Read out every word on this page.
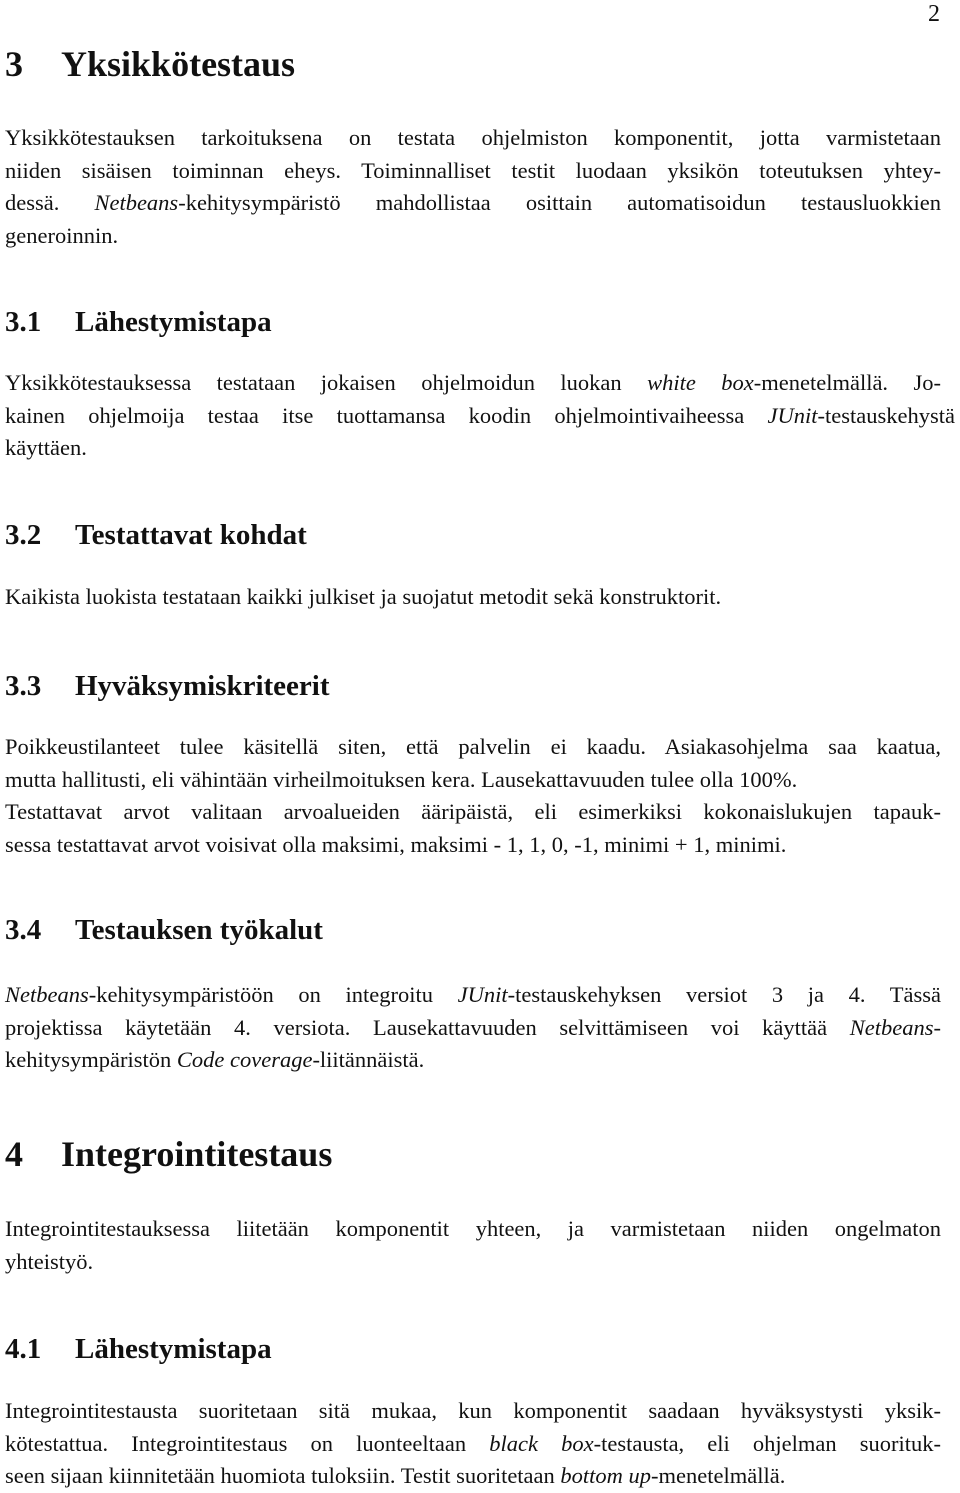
2
3 Yksikkötestaus
Yksikkötestauksen tarkoituksena on testata ohjelmiston komponentit, jotta varmistetaan
niiden sisäisen toiminnan eheys. Toiminnalliset testit luodaan yksikön toteutuksen yhtey-
dessä. Netbeans-kehitysympäristö mahdollistaa osittain automatisoidun testausluokkien
generoinnin.
3.1 Lähestymistapa
Yksikkötestauksessa testataan jokaisen ohjelmoidun luokan white box-menetelmällä. Jo-
kainen ohjelmoija testaa itse tuottamansa koodin ohjelmointivaiheessa JUnit-testauskehystä
käyttäen.
3.2 Testattavat kohdat
Kaikista luokista testataan kaikki julkiset ja suojatut metodit sekä konstruktorit.
3.3 Hyväksymiskriteerit
Poikkeustilanteet tulee käsitellä siten, että palvelin ei kaadu. Asiakasohjelma saa kaatua,
mutta hallitusti, eli vähintään virheilmoituksen kera. Lausekattavuuden tulee olla 100%.
Testattavat arvot valitaan arvoalueiden ääripäistä, eli esimerkiksi kokonaislukujen tapauk-
sessa testattavat arvot voisivat olla maksimi, maksimi - 1, 1, 0, -1, minimi + 1, minimi.
3.4 Testauksen työkalut
Netbeans-kehitysympäristöön on integroitu JUnit-testauskehyksen versiot 3 ja 4. Tässä
projektissa käytetään 4. versiota. Lausekattavuuden selvittämiseen voi käyttää Netbeans-
kehitysympäristön Code coverage-liitännäistä.
4 Integrointitestaus
Integrointitestauksessa liitetään komponentit yhteen, ja varmistetaan niiden ongelmaton
yhteistyö.
4.1 Lähestymistapa
Integrointitestausta suoritetaan sitä mukaa, kun komponentit saadaan hyväksystysti yksik-
kötestattua. Integrointitestaus on luonteeltaan black box-testausta, eli ohjelman suorituk-
seen sijaan kiinnitetään huomiota tuloksiin. Testit suoritetaan bottom up-menetelmällä.
